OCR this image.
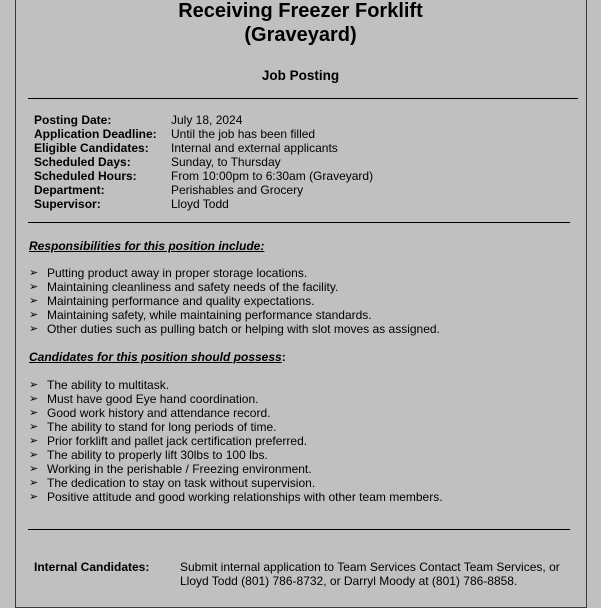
Receiving Freezer Forklift
(Graveyard)
Job Posting
Posting Date:	July 18, 2024
Application Deadline:	Until the job has been filled
Eligible Candidates:	Internal and external applicants
Scheduled Days:	Sunday, to Thursday
Scheduled Hours:	From 10:00pm to 6:30am (Graveyard)
Department:	Perishables and Grocery
Supervisor:	Lloyd Todd
Responsibilities for this position include:
➢ Putting product away in proper storage locations.
➢ Maintaining cleanliness and safety needs of the facility.
➢ Maintaining performance and quality expectations.
➢ Maintaining safety, while maintaining performance standards.
➢ Other duties such as pulling batch or helping with slot moves as assigned.
Candidates for this position should possess:
➢ The ability to multitask.
➢ Must have good Eye hand coordination.
➢ Good work history and attendance record.
➢ The ability to stand for long periods of time.
➢ Prior forklift and pallet jack certification preferred.
➢ The ability to properly lift 30lbs to 100 lbs.
➢ Working in the perishable / Freezing environment.
➢ The dedication to stay on task without supervision.
➢ Positive attitude and good working relationships with other team members.
Internal Candidates:	Submit internal application to Team Services Contact Team Services, or Lloyd Todd (801) 786-8732, or Darryl Moody at (801) 786-8858.
